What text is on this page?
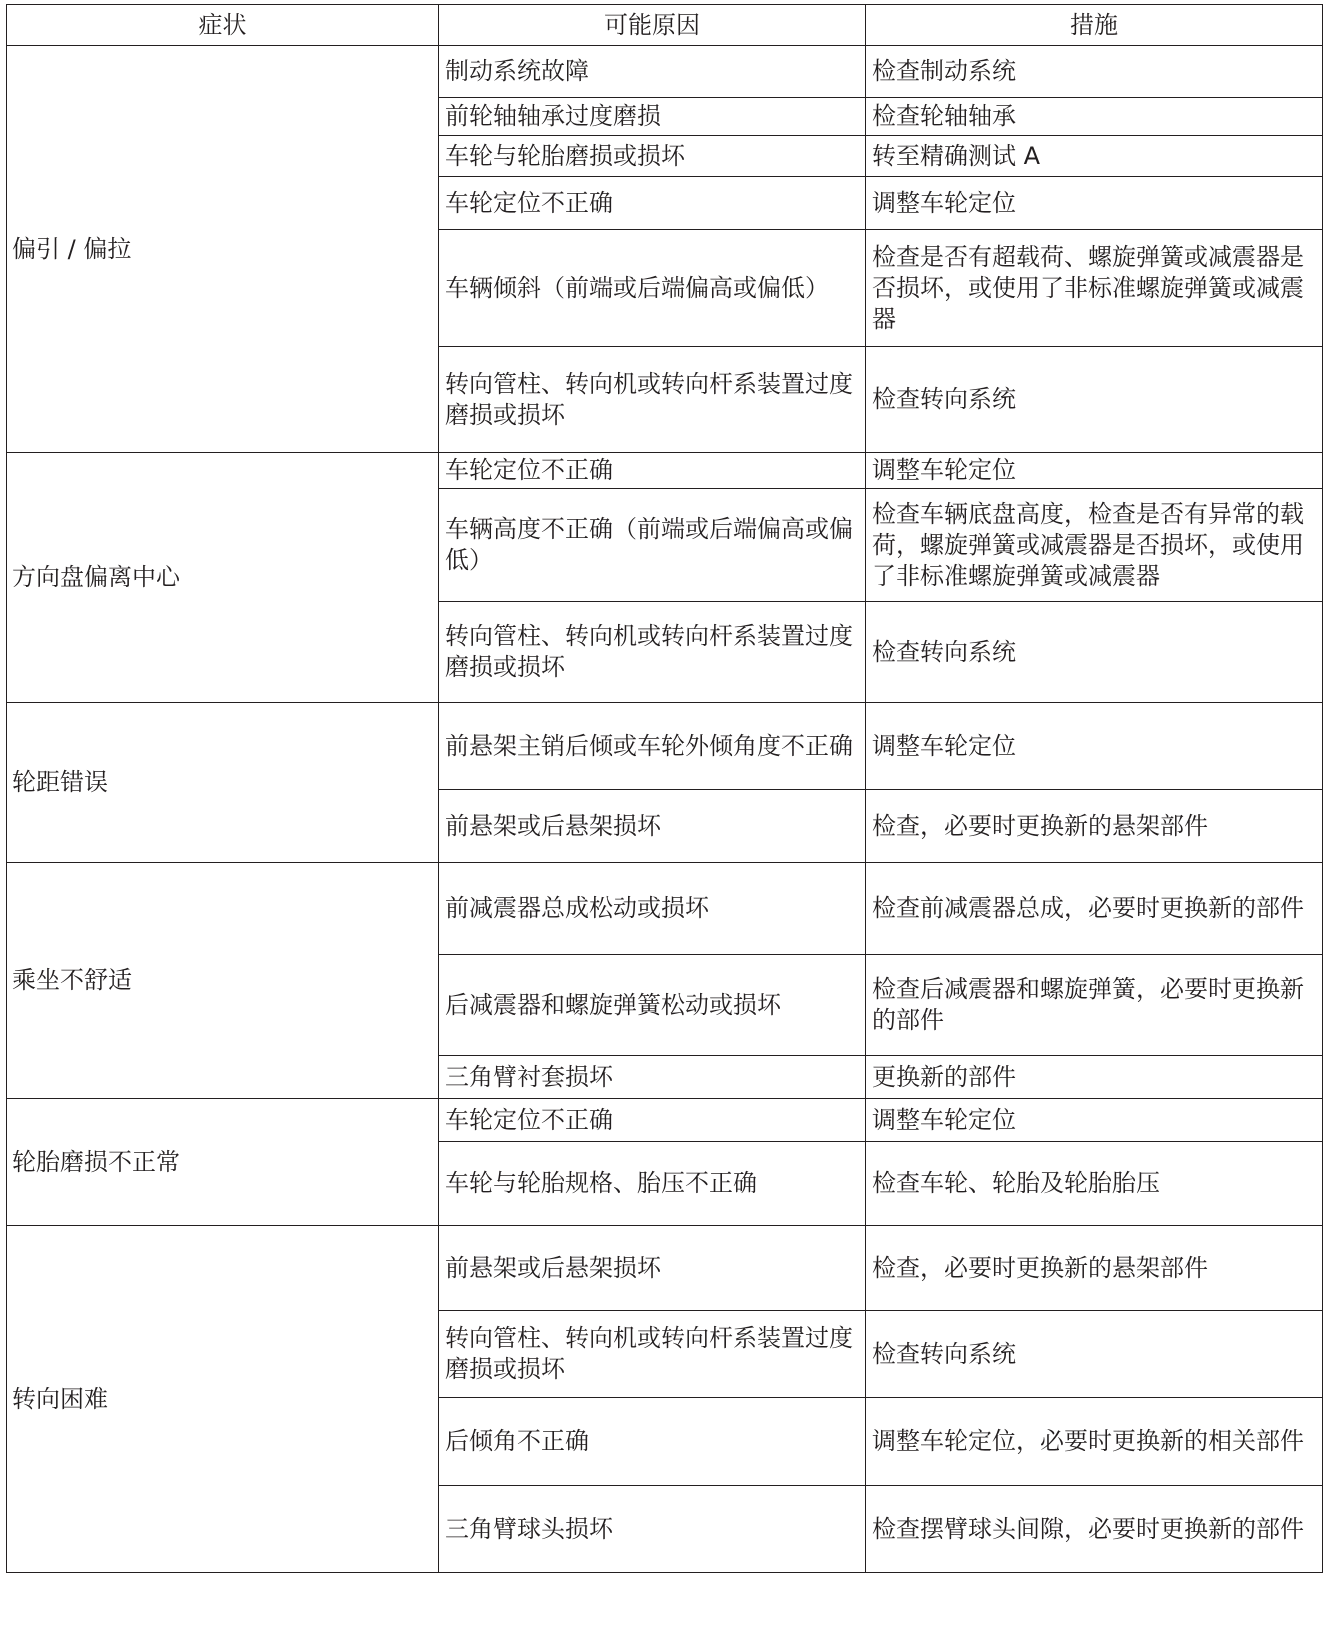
症状	可能原因	措施
偏引 / 偏拉	制动系统故障	检查制动系统
	前轮轴轴承过度磨损	检查轮轴轴承
	车轮与轮胎磨损或损坏	转至精确测试 A
	车轮定位不正确	调整车轮定位
	车辆倾斜（前端或后端偏高或偏低）	检查是否有超载荷、螺旋弹簧或减震器是否损坏，或使用了非标准螺旋弹簧或减震器
	转向管柱、转向机或转向杆系装置过度磨损或损坏	检查转向系统
方向盘偏离中心	车轮定位不正确	调整车轮定位
	车辆高度不正确（前端或后端偏高或偏低）	检查车辆底盘高度，检查是否有异常的载荷，螺旋弹簧或减震器是否损坏，或使用了非标准螺旋弹簧或减震器
	转向管柱、转向机或转向杆系装置过度磨损或损坏	检查转向系统
轮距错误	前悬架主销后倾或车轮外倾角度不正确	调整车轮定位
	前悬架或后悬架损坏	检查，必要时更换新的悬架部件
乘坐不舒适	前减震器总成松动或损坏	检查前减震器总成，必要时更换新的部件
	后减震器和螺旋弹簧松动或损坏	检查后减震器和螺旋弹簧，必要时更换新的部件
	三角臂衬套损坏	更换新的部件
轮胎磨损不正常	车轮定位不正确	调整车轮定位
	车轮与轮胎规格、胎压不正确	检查车轮、轮胎及轮胎胎压
转向困难	前悬架或后悬架损坏	检查，必要时更换新的悬架部件
	转向管柱、转向机或转向杆系装置过度磨损或损坏	检查转向系统
	后倾角不正确	调整车轮定位，必要时更换新的相关部件
	三角臂球头损坏	检查摆臂球头间隙，必要时更换新的部件
